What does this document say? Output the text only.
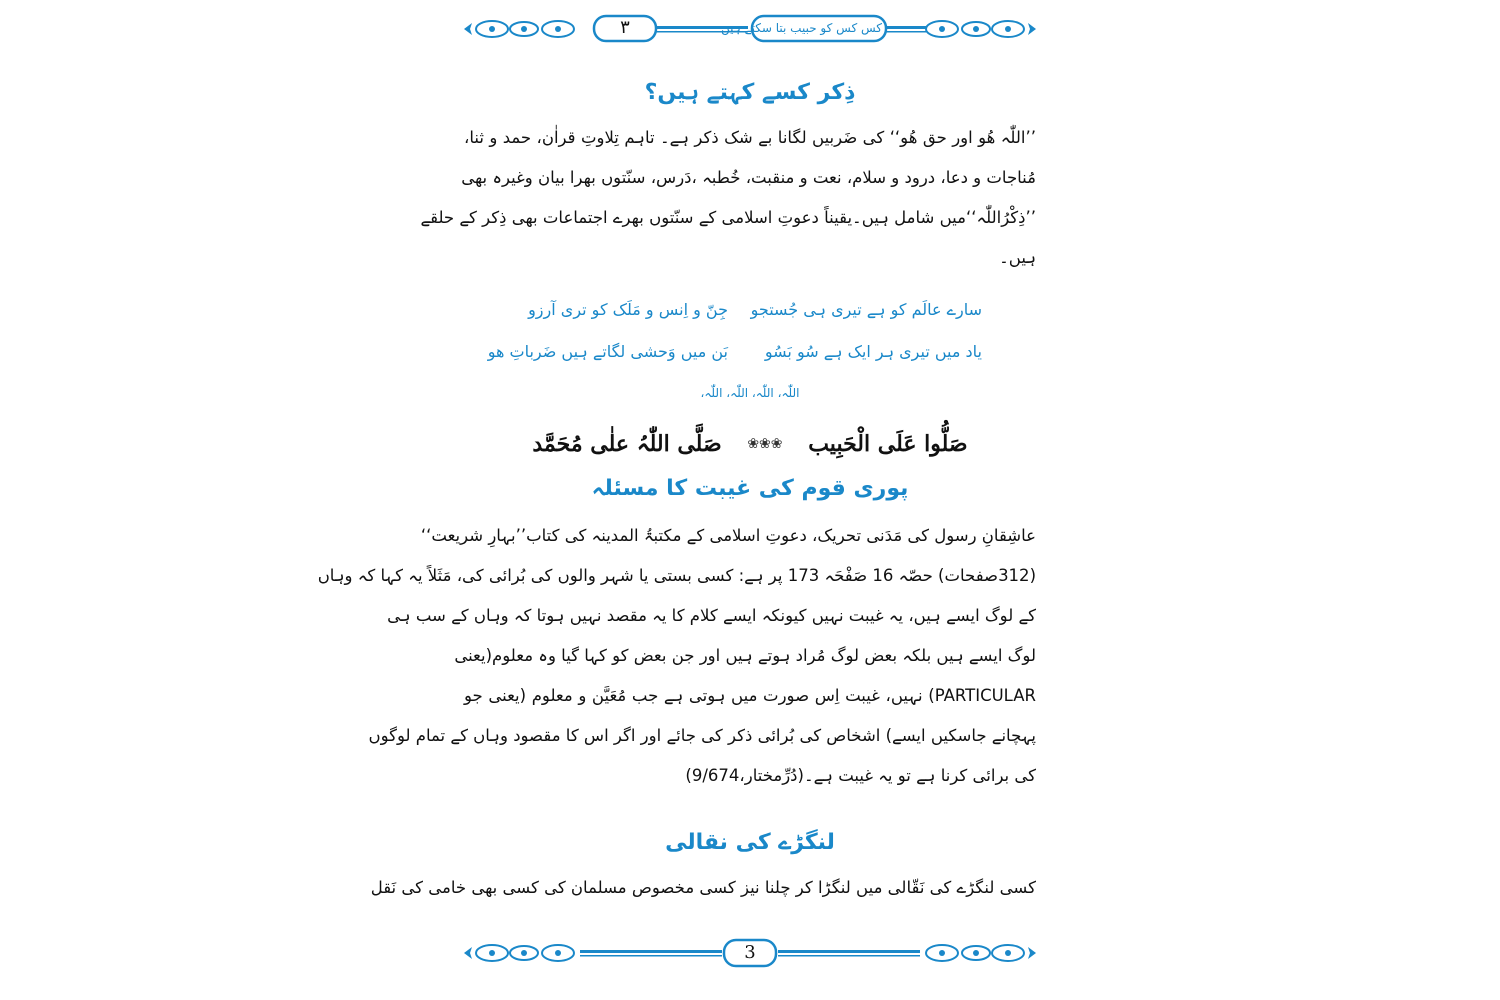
۳	کس کس کو حبیب بتا سکتے ہیں
ذِکر کسے کہتے ہیں؟
’’اللّٰہ ھُو اور حق ھُو‘‘ کی ضَربیں لگانا بے شک ذکر ہے۔ تاہم تِلاوتِ قراٰن، حمد و ثنا،
مُناجات و دعا، درود و سلام، نعت و منقبت، خُطبہ ،دَرس، سنّتوں بھرا بیان وغیرہ بھی
’’ذِکْرُاللّٰہ‘‘میں شامل ہیں۔یقیناً دعوتِ اسلامی کے سنّتوں بھرے اجتماعات بھی ذِکر کے حلقے
ہیں۔
سارے عالَم کو ہے تیری ہی جُستجو
جِنّ و اِنس و مَلَک کو تری آرزو
یاد میں تیری ہر ایک ہے سُو بَسُو
بَن میں وَحشی لگاتے ہیں ضَرباتِ ھو
اللّٰہ، اللّٰہ، اللّٰہ، اللّٰہ،
صَلُّوا عَلَی الْحَبِیب ❀❀❀ صَلَّی اللّٰہُ علٰی مُحَمَّد
پوری قوم کی غیبت کا مسئلہ
عاشِقانِ رسول کی مَدَنی تحریک، دعوتِ اسلامی کے مکتبۃُ المدینہ کی کتاب’’بہارِ شریعت‘‘
(312صفحات) حصّہ 16 صَفْحَہ 173 پر ہے: کسی بستی یا شہر والوں کی بُرائی کی، مَثَلاً یہ کہا کہ وہاں
کے لوگ ایسے ہیں، یہ غیبت نہیں کیونکہ ایسے کلام کا یہ مقصد نہیں ہوتا کہ وہاں کے سب ہی
لوگ ایسے ہیں بلکہ بعض لوگ مُراد ہوتے ہیں اور جن بعض کو کہا گیا وہ معلوم(یعنی
PARTICULAR) نہیں، غیبت اِس صورت میں ہوتی ہے جب مُعَیَّن و معلوم (یعنی جو
پہچانے جاسکیں ایسے) اشخاص کی بُرائی ذکر کی جائے اور اگر اس کا مقصود وہاں کے تمام لوگوں
کی برائی کرنا ہے تو یہ غیبت ہے۔(دُرِّمختار،9/674)
لنگڑے کی نقالی
کسی لنگڑے کی نَقّالی میں لنگڑا کر چلنا نیز کسی مخصوص مسلمان کی کسی بھی خامی کی نَقل
3
